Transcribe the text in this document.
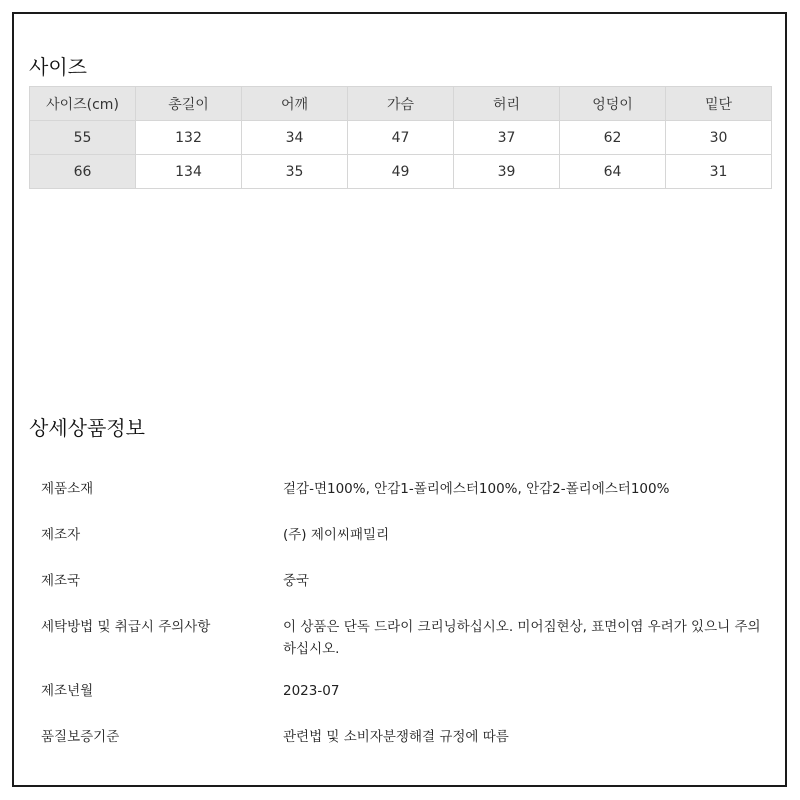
사이즈
사이즈(cm)	총길이	어깨	가슴	허리	엉덩이	밑단
55	132	34	47	37	62	30
66	134	35	49	39	64	31
상세상품정보
제품소재	겉감-면100%, 안감1-폴리에스터100%, 안감2-폴리에스터100%
제조자	(주) 제이씨패밀리
제조국	중국
세탁방법 및 취급시 주의사항	이 상품은 단독 드라이 크리닝하십시오. 미어짐현상, 표면이염 우려가 있으니 주의하십시오.
제조년월	2023-07
품질보증기준	관련법 및 소비자분쟁해결 규정에 따름
